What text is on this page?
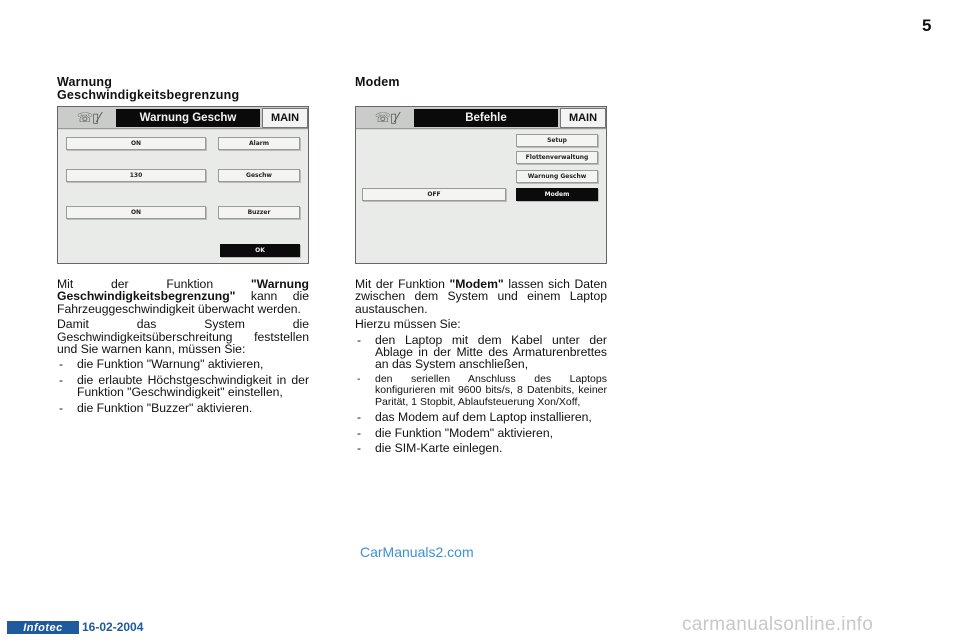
5
Warnung
Geschwindigkeitsbegrenzung
☏▯⁄	Warnung Geschw	MAIN
ON	Alarm
130	Geschw
ON	Buzzer
OK

Mit der Funktion "Warnung Geschwindigkeitsbegrenzung" kann die Fahrzeuggeschwindigkeit überwacht werden.

Damit das System die Geschwindigkeitsüberschreitung feststellen und Sie warnen kann, müssen Sie:

- die Funktion "Warnung" aktivieren,
- die erlaubte Höchstgeschwindigkeit in der Funktion "Geschwindigkeit" einstellen,
- die Funktion "Buzzer" aktivieren.
Modem
☏▯⁄	Befehle	MAIN
Setup
Flottenverwaltung
Warnung Geschw
OFF	Modem

Mit der Funktion "Modem" lassen sich Daten zwischen dem System und einem Laptop austauschen.

Hierzu müssen Sie:

- den Laptop mit dem Kabel unter der Ablage in der Mitte des Armaturenbrettes an das System anschließen,
- den seriellen Anschluss des Laptops konfigurieren mit 9600 bits/s, 8 Datenbits, keiner Parität, 1 Stopbit, Ablaufsteuerung Xon/Xoff,
- das Modem auf dem Laptop installieren,
- die Funktion "Modem" aktivieren,
- die SIM-Karte einlegen.
CarManuals2.com
Infotec	16-02-2004	carmanualsonline.info
